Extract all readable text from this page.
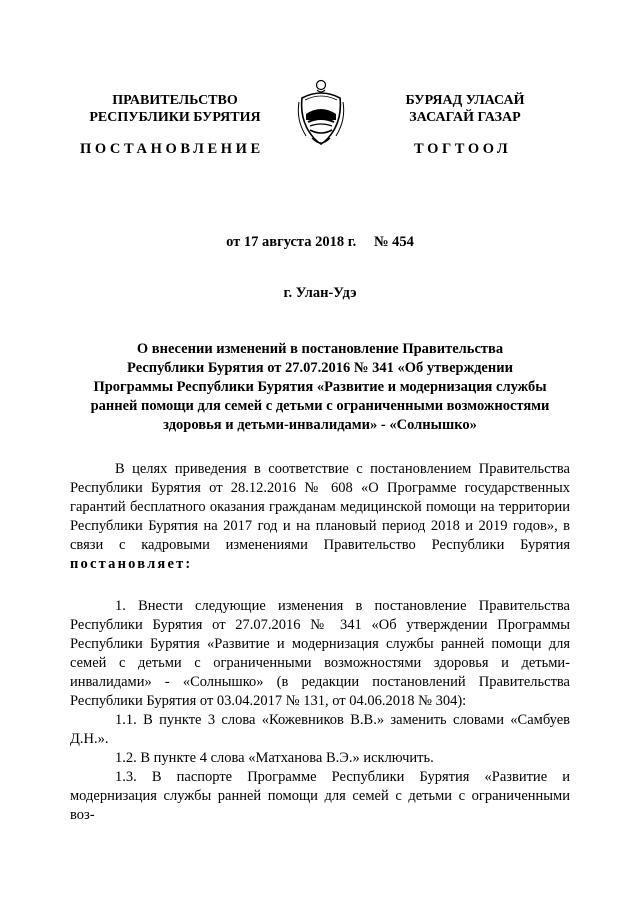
ПРАВИТЕЛЬСТВО
РЕСПУБЛИКИ БУРЯТИЯ
БУРЯАД УЛАСАЙ
ЗАСАГАЙ ГАЗАР
ПОСТАНОВЛЕНИЕ	ТОГТООЛ
от 17 августа 2018 г. № 454
г. Улан-Удэ
О внесении изменений в постановление Правительства
Республики Бурятия от 27.07.2016 № 341 «Об утверждении
Программы Республики Бурятия «Развитие и модернизация службы
ранней помощи для семей с детьми с ограниченными возможностями
здоровья и детьми-инвалидами» - «Солнышко»

В целях приведения в соответствие с постановлением Правительства Республики Бурятия от 28.12.2016 № 608 «О Программе государственных гарантий бесплатного оказания гражданам медицинской помощи на территории Республики Бурятия на 2017 год и на плановый период 2018 и 2019 годов», в связи с кадровыми изменениями Правительство Республики Бурятия постановляет:

1. Внести следующие изменения в постановление Правительства Республики Бурятия от 27.07.2016 № 341 «Об утверждении Программы Республики Бурятия «Развитие и модернизация службы ранней помощи для семей с детьми с ограниченными возможностями здоровья и детьми-инвалидами» - «Солнышко» (в редакции постановлений Правительства Республики Бурятия от 03.04.2017 № 131, от 04.06.2018 № 304):

1.1. В пункте 3 слова «Кожевников В.В.» заменить словами «Самбуев Д.Н.».

1.2. В пункте 4 слова «Матханова В.Э.» исключить.

1.3. В паспорте Программе Республики Бурятия «Развитие и модернизация службы ранней помощи для семей с детьми с ограниченными воз-
